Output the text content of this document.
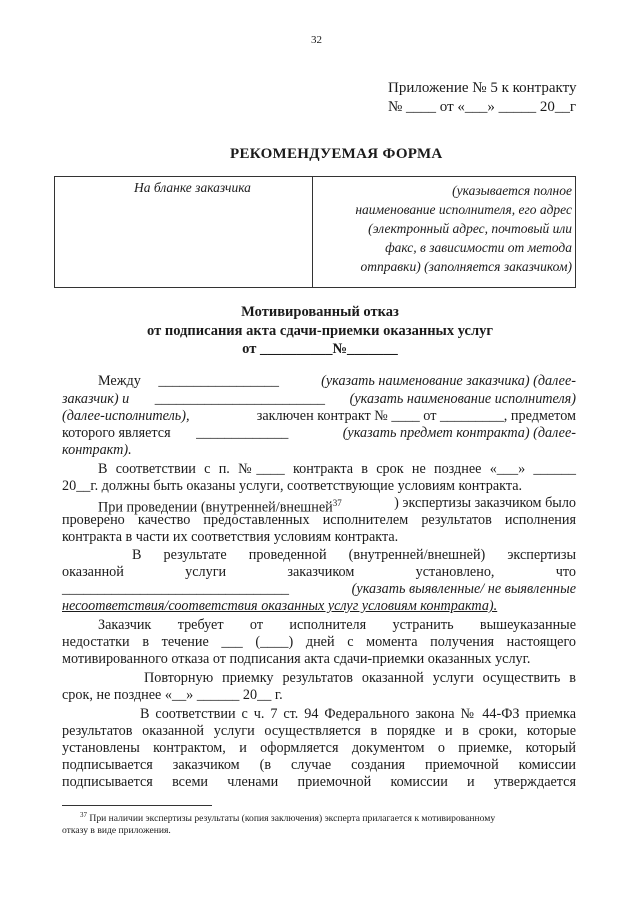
32
Приложение № 5 к контракту
№ ____ от «___» _____ 20__г
РЕКОМЕНДУЕМАЯ ФОРМА
На бланке заказчика	(указывается полное
наименование исполнителя, его адрес
(электронный адрес, почтовый или
факс, в зависимости от метода
отправки) (заполняется заказчиком)
Мотивированный отказ
от подписания акта сдачи-приемки оказанных услуг
от __________№_______
Между _________________	(указать наименование заказчика) (далее-
заказчик) и ________________________ (указать наименование исполнителя)
(далее-исполнитель),	заключен контракт № ____ от _________, предметом
которого является _____________	(указать предмет контракта) (далее-
контракт).
В соответствии с п. №____ контракта в срок не позднее «___» ______
20__г. должны быть оказаны услуги, соответствующие условиям контракта.
При проведении (внутренней/внешней$^{37}$	) экспертизы заказчиком было
проверено качество предоставленных исполнителем результатов исполнения
контракта в части их соответствия условиям контракта.
В результате проведенной (внутренней/внешней) экспертизы
оказанной услуги заказчиком установлено, что
________________________________	(указать выявленные/ не выявленные
несоответствия/соответствия оказанных услуг условиям контракта).
Заказчик требует от исполнителя устранить вышеуказанные
недостатки в течение ___ (____) дней с момента получения настоящего
мотивированного отказа от подписания акта сдачи-приемки оказанных услуг.
Повторную приемку результатов оказанной услуги осуществить в
срок, не позднее «__» ______ 20__ г.
В соответствии с ч. 7 ст. 94 Федерального закона № 44-ФЗ приемка
результатов оказанной услуги осуществляется в порядке и в сроки, которые
установлены контрактом, и оформляется документом о приемке, который
подписывается заказчиком (в случае создания приемочной комиссии
подписывается всеми членами приемочной комиссии и утверждается
$^{37}$ При наличии экспертизы результаты (копия заключения) эксперта прилагается к мотивированному
отказу в виде приложения.
